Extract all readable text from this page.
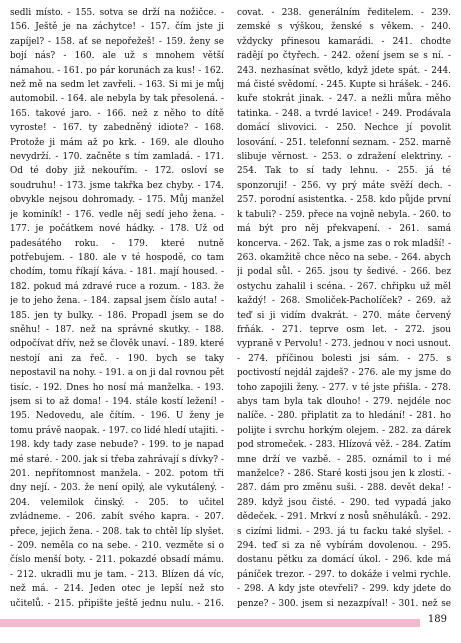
sedli místo. - 155. sotva se drží na nožičce. - 156. Ještě je na záchytce! - 157. čím jste ji zapíjel? - 158. ať se nepořežeš! - 159. ženy se bojí nás? - 160. ale už s mnohem větší námahou. - 161. po pár korunách za kus! - 162. než mě na sedm let zavřeli. - 163. Si mi je můj automobil. - 164. ale nebyla by tak přesolená. - 165. takové jaro. - 166. než z něho to dítě vyroste! - 167. ty zabedněný idiote? - 168. Protože ji mám až po krk. - 169. ale dlouho nevydrží. - 170. začněte s tím zamladá. - 171. Od té doby již nekouřím. - 172. osloví se soudruhu! - 173. jsme takřka bez chyby. - 174. obvykle nejsou dohromady. - 175. Můj manžel je kominík! - 176. vedle něj sedí jeho žena. - 177. je počátkem nové hádky. - 178. Už od padesátého roku. - 179. které nutně potřebujem. - 180. ale v té hospodě, co tam chodím, tomu říkají káva. - 181. mají housed. - 182. pokud má zdravé ruce a rozum. - 183. že je to jeho žena. - 184. zapsal jsem číslo auta! - 185. jen ty bulky. - 186. Propadl jsem se do sněhu! - 187. než na správné skutky. - 188. odpočívat dřív, než se člověk unaví. - 189. které nestojí ani za řeč. - 190. bych se taky nepostavil na nohy. - 191. a on ji dal rovnou pět tisíc. - 192. Dnes ho nosí má manželka. - 193. jsem si to až doma! - 194. stále kostí ležení! - 195. Nedovedu, ale čítím. - 196. U ženy je tomu právě naopak. - 197. co lidé hledí utajiti. - 198. kdy tady zase nebude? - 199. to je napad mé staré. - 200. jak si třeba zahrávají s dívky? - 201. nepřítomnost manžela. - 202. potom tři dny nejí. - 203. že není opilý, ale vykutálený. - 204. velemilok činský. - 205. to učitel zvládneme. - 206. zabít svého kapra. - 207. přece, jejich žena. - 208. tak to chtěl líp slyšet. - 209. neměla co na sebe. - 210. vezměte si o číslo menší boty. - 211. pokazdé obsadí mámu. - 212. ukradli mu je tam. - 213. Blízen dá víc, než má. - 214. Jeden otec je lepší než sto učitelů. - 215. připište ještě jednu nulu. - 216.
covat. - 238. generálním ředitelem. - 239. zemské s výškou, ženské s věkem. - 240. vždycky přinesou kamarádi. - 241. chodte radějí po čtyřech. - 242. ožení jsem se s ní. - 243. nezhasínat světlo, když jdete spát. - 244. má čisté svědomí. - 245. Kupte si hrášek. - 246. kuře stokrát jinak. - 247. a nežli můra měho tatinka. - 248. a tvrdé lavice! - 249. Prodávala domácí slivovici. - 250. Nechce jí povolit losování. - 251. telefonní seznam. - 252. marně slibuje věrnost. - 253. o zdražení elektriny. - 254. Tak to sí tady lehnu. - 255. já té sponzoruji! - 256. vy prý máte svěží dech. - 257. porodní asistentka. - 258. kdo půjde první k tabuli? - 259. přece na vojně nebyla. - 260. to má být pro něj překvapení. - 261. samá koncerva. - 262. Tak, a jsme zas o rok mladší! - 263. okamžitě chce něco na sebe. - 264. abych ji podal sůl. - 265. jsou ty šedivé. - 266. bez ostychu zahalil i scéna. - 267. chřipku už měl každý! - 268. Smoliček-Pacholíček? - 269. až teď si ji vidím dvakrát. - 270. máte červený frňák. - 271. teprve osm let. - 272. jsou vypraně v Pervolu! - 273. jednou v noci usnout. - 274. příčinou bolesti jsi sám. - 275. s poctivostí nejdál zajdeš? - 276. ale my jsme do toho zapojili ženy. - 277. v té jste přišla. - 278. abys tam byla tak dlouho! - 279. nejdéle noc nalíče. - 280. připlatit za to hledání! - 281. ho polijte i svrchu horkým olejem. - 282. za dárek pod stromeček. - 283. Hlízová věž. - 284. Zatím mne drží ve vazbě. - 285. oznámil to i mé manželce? - 286. Staré kosti jsou jen k zlosti. - 287. dám pro změnu suši. - 288. devět deka! - 289. když jsou čisté. - 290. ted vypadá jako dědeček. - 291. Mrkví z nosů sněhuláků. - 292. s cizími lidmi. - 293. já tu facku také slyšel. - 294. teď si za ně vybírám dovolenou. - 295. dostanu pětku za domácí úkol. - 296. kde má páníček trezor. - 297. to dokáže i velmi rychle. - 298. A kdy jste otevřeli? - 299. kdy jdete do penze? - 300. jsem si nezazpíval! - 301. než se
189
